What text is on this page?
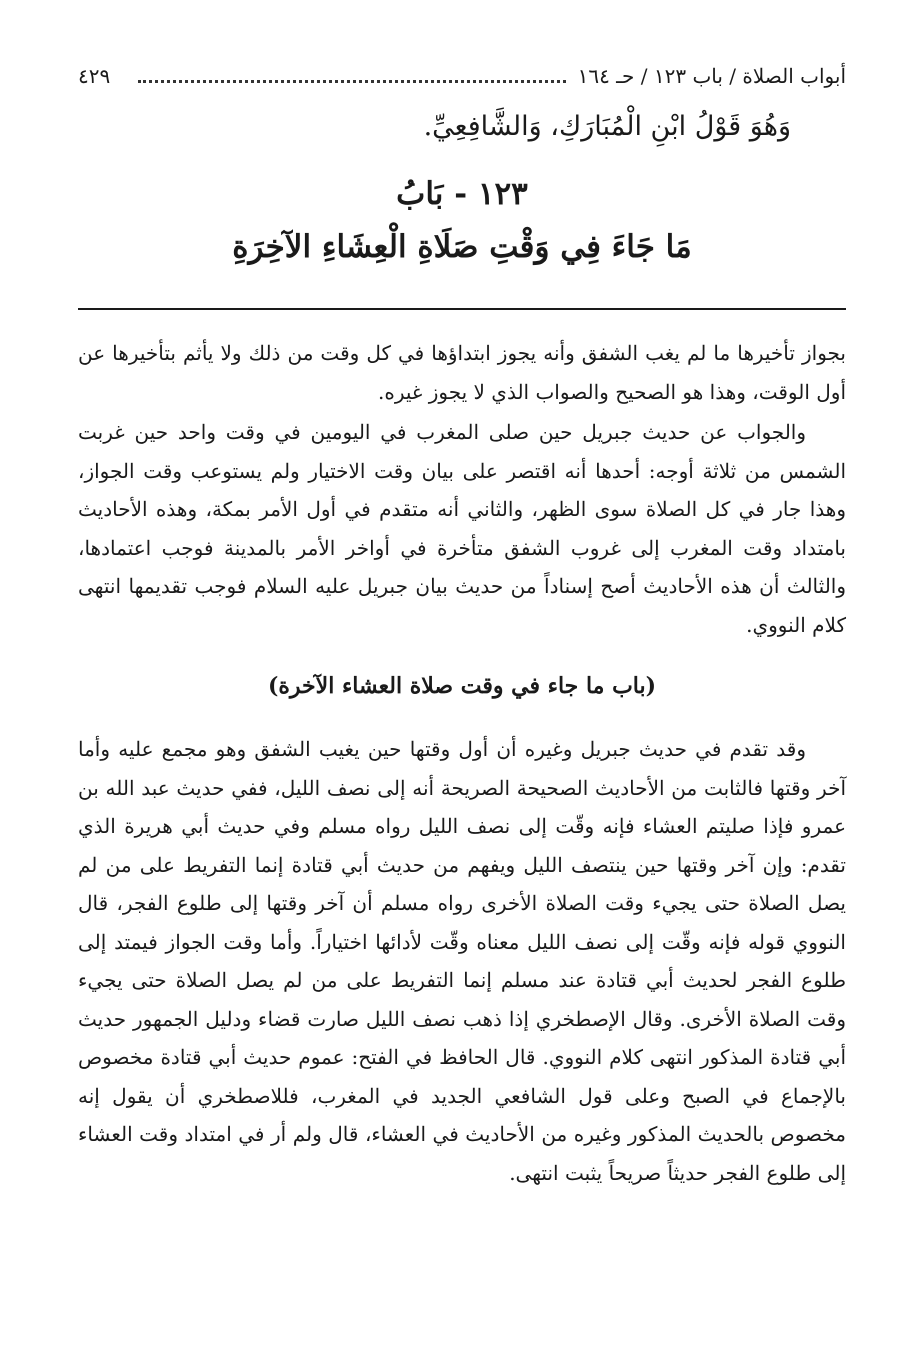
أبواب الصلاة / باب ١٢٣ / حـ ١٦٤
٤٢٩
وَهُوَ قَوْلُ ابْنِ الْمُبَارَكِ، وَالشَّافِعِيِّ.
١٢٣ - بَابُ
مَا جَاءَ فِي وَقْتِ صَلَاةِ الْعِشَاءِ الآخِرَةِ

بجواز تأخيرها ما لم يغب الشفق وأنه يجوز ابتداؤها في كل وقت من ذلك ولا يأثم بتأخيرها عن أول الوقت، وهذا هو الصحيح والصواب الذي لا يجوز غيره.

والجواب عن حديث جبريل حين صلى المغرب في اليومين في وقت واحد حين غربت الشمس من ثلاثة أوجه: أحدها أنه اقتصر على بيان وقت الاختيار ولم يستوعب وقت الجواز، وهذا جار في كل الصلاة سوى الظهر، والثاني أنه متقدم في أول الأمر بمكة، وهذه الأحاديث بامتداد وقت المغرب إلى غروب الشفق متأخرة في أواخر الأمر بالمدينة فوجب اعتمادها، والثالث أن هذه الأحاديث أصح إسناداً من حديث بيان جبريل عليه السلام فوجب تقديمها انتهى كلام النووي.

(باب ما جاء في وقت صلاة العشاء الآخرة)

وقد تقدم في حديث جبريل وغيره أن أول وقتها حين يغيب الشفق وهو مجمع عليه وأما آخر وقتها فالثابت من الأحاديث الصحيحة الصريحة أنه إلى نصف الليل، ففي حديث عبد الله بن عمرو فإذا صليتم العشاء فإنه وقّت إلى نصف الليل رواه مسلم وفي حديث أبي هريرة الذي تقدم: وإن آخر وقتها حين ينتصف الليل ويفهم من حديث أبي قتادة إنما التفريط على من لم يصل الصلاة حتى يجيء وقت الصلاة الأخرى رواه مسلم أن آخر وقتها إلى طلوع الفجر، قال النووي قوله فإنه وقّت إلى نصف الليل معناه وقّت لأدائها اختياراً. وأما وقت الجواز فيمتد إلى طلوع الفجر لحديث أبي قتادة عند مسلم إنما التفريط على من لم يصل الصلاة حتى يجيء وقت الصلاة الأخرى. وقال الإصطخري إذا ذهب نصف الليل صارت قضاء ودليل الجمهور حديث أبي قتادة المذكور انتهى كلام النووي. قال الحافظ في الفتح: عموم حديث أبي قتادة مخصوص بالإجماع في الصبح وعلى قول الشافعي الجديد في المغرب، فللاصطخري أن يقول إنه مخصوص بالحديث المذكور وغيره من الأحاديث في العشاء، قال ولم أر في امتداد وقت العشاء إلى طلوع الفجر حديثاً صريحاً يثبت انتهى.
